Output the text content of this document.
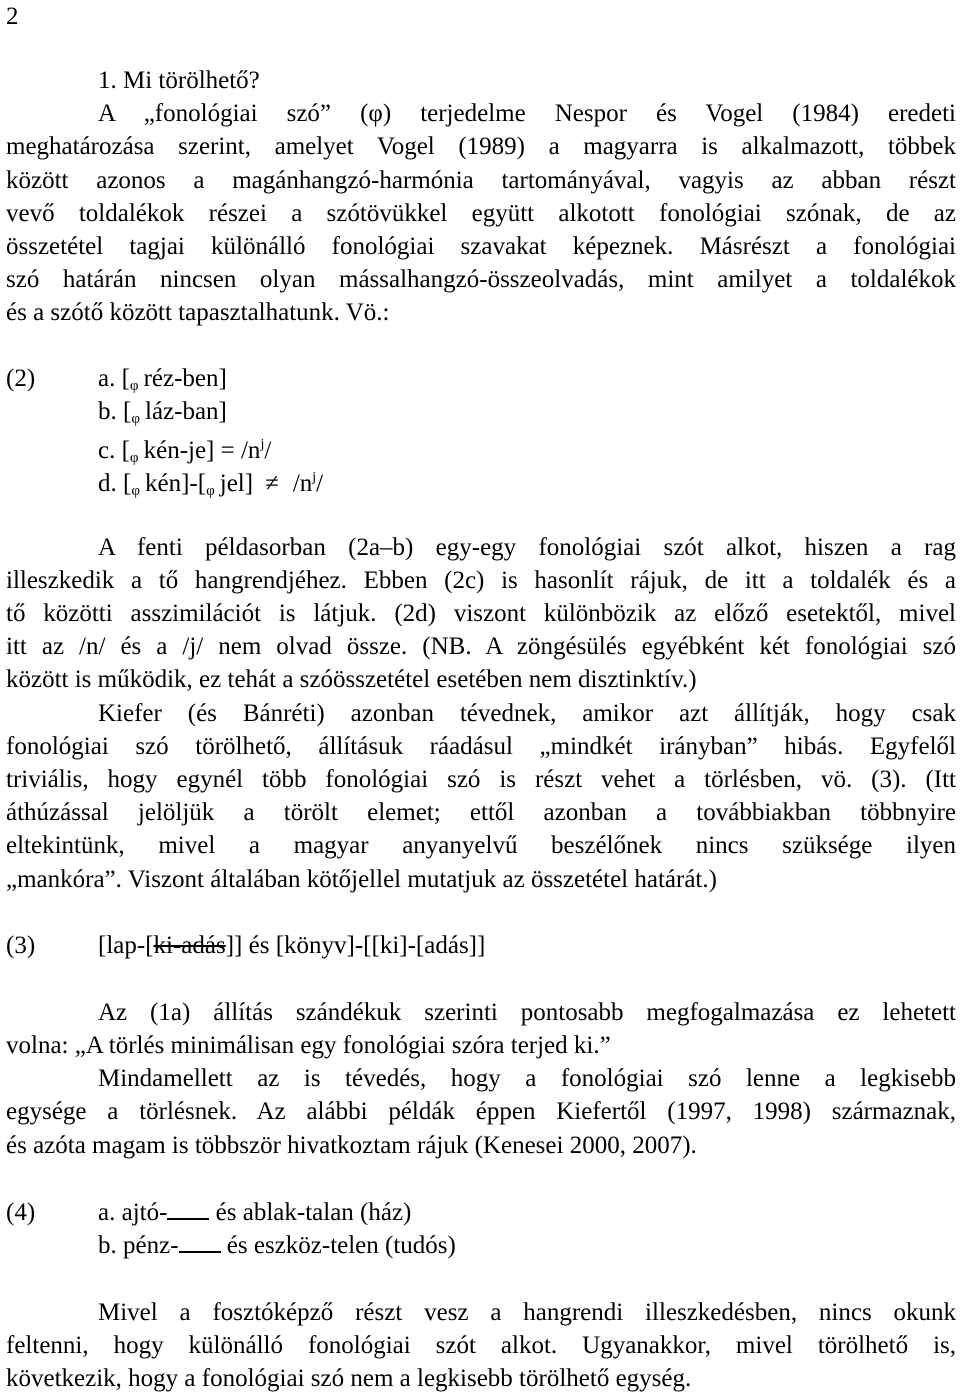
2
1. Mi törölhető?
A „fonológiai szó” (φ) terjedelme Nespor és Vogel (1984) eredeti
meghatározása szerint, amelyet Vogel (1989) a magyarra is alkalmazott, többek
között azonos a magánhangzó-harmónia tartományával, vagyis az abban részt
vevő toldalékok részei a szótövükkel együtt alkotott fonológiai szónak, de az
összetétel tagjai különálló fonológiai szavakat képeznek. Másrészt a fonológiai
szó határán nincsen olyan mássalhangzó-összeolvadás, mint amilyet a toldalékok
és a szótő között tapasztalhatunk. Vö.:
(2)	a. [$_\varphi$ réz-ben]
b. [$_\varphi$ láz-ban]
c. [$_\varphi$ kén-je] = $/n^j/$
d. [$_\varphi$ $kén]-[_\varphi$ $jel] \ne /n^j/$
A fenti példasorban (2a–b) egy-egy fonológiai szót alkot, hiszen a rag
illeszkedik a tő hangrendjéhez. Ebben (2c) is hasonlít rájuk, de itt a toldalék és a
tő közötti asszimilációt is látjuk. (2d) viszont különbözik az előző esetektől, mivel
itt az /n/ és a /j/ nem olvad össze. (NB. A zöngésülés egyébként két fonológiai szó
között is működik, ez tehát a szóösszetétel esetében nem disztinktív.)
Kiefer (és Bánréti) azonban tévednek, amikor azt állítják, hogy csak
fonológiai szó törölhető, állításuk ráadásul „mindkét irányban” hibás. Egyfelől
triviális, hogy egynél több fonológiai szó is részt vehet a törlésben, vö. (3). (Itt
áthúzással jelöljük a törölt elemet; ettől azonban a továbbiakban többnyire
eltekintünk, mivel a magyar anyanyelvű beszélőnek nincs szüksége ilyen
„mankóra”. Viszont általában kötőjellel mutatjuk az összetétel határát.)
(3)	[lap-[ki-adás]] és [könyv]-[[ki]-[adás]]
Az (1a) állítás szándékuk szerinti pontosabb megfogalmazása ez lehetett
volna: „A törlés minimálisan egy fonológiai szóra terjed ki.”
Mindamellett az is tévedés, hogy a fonológiai szó lenne a legkisebb
egysége a törlésnek. Az alábbi példák éppen Kiefertől (1997, 1998) származnak,
és azóta magam is többször hivatkoztam rájuk (Kenesei 2000, 2007).
(4)	a. ajtó- és ablak-talan (ház)
b. pénz- és eszköz-telen (tudós)
Mivel a fosztóképző részt vesz a hangrendi illeszkedésben, nincs okunk
feltenni, hogy különálló fonológiai szót alkot. Ugyanakkor, mivel törölhető is,
következik, hogy a fonológiai szó nem a legkisebb törölhető egység.
